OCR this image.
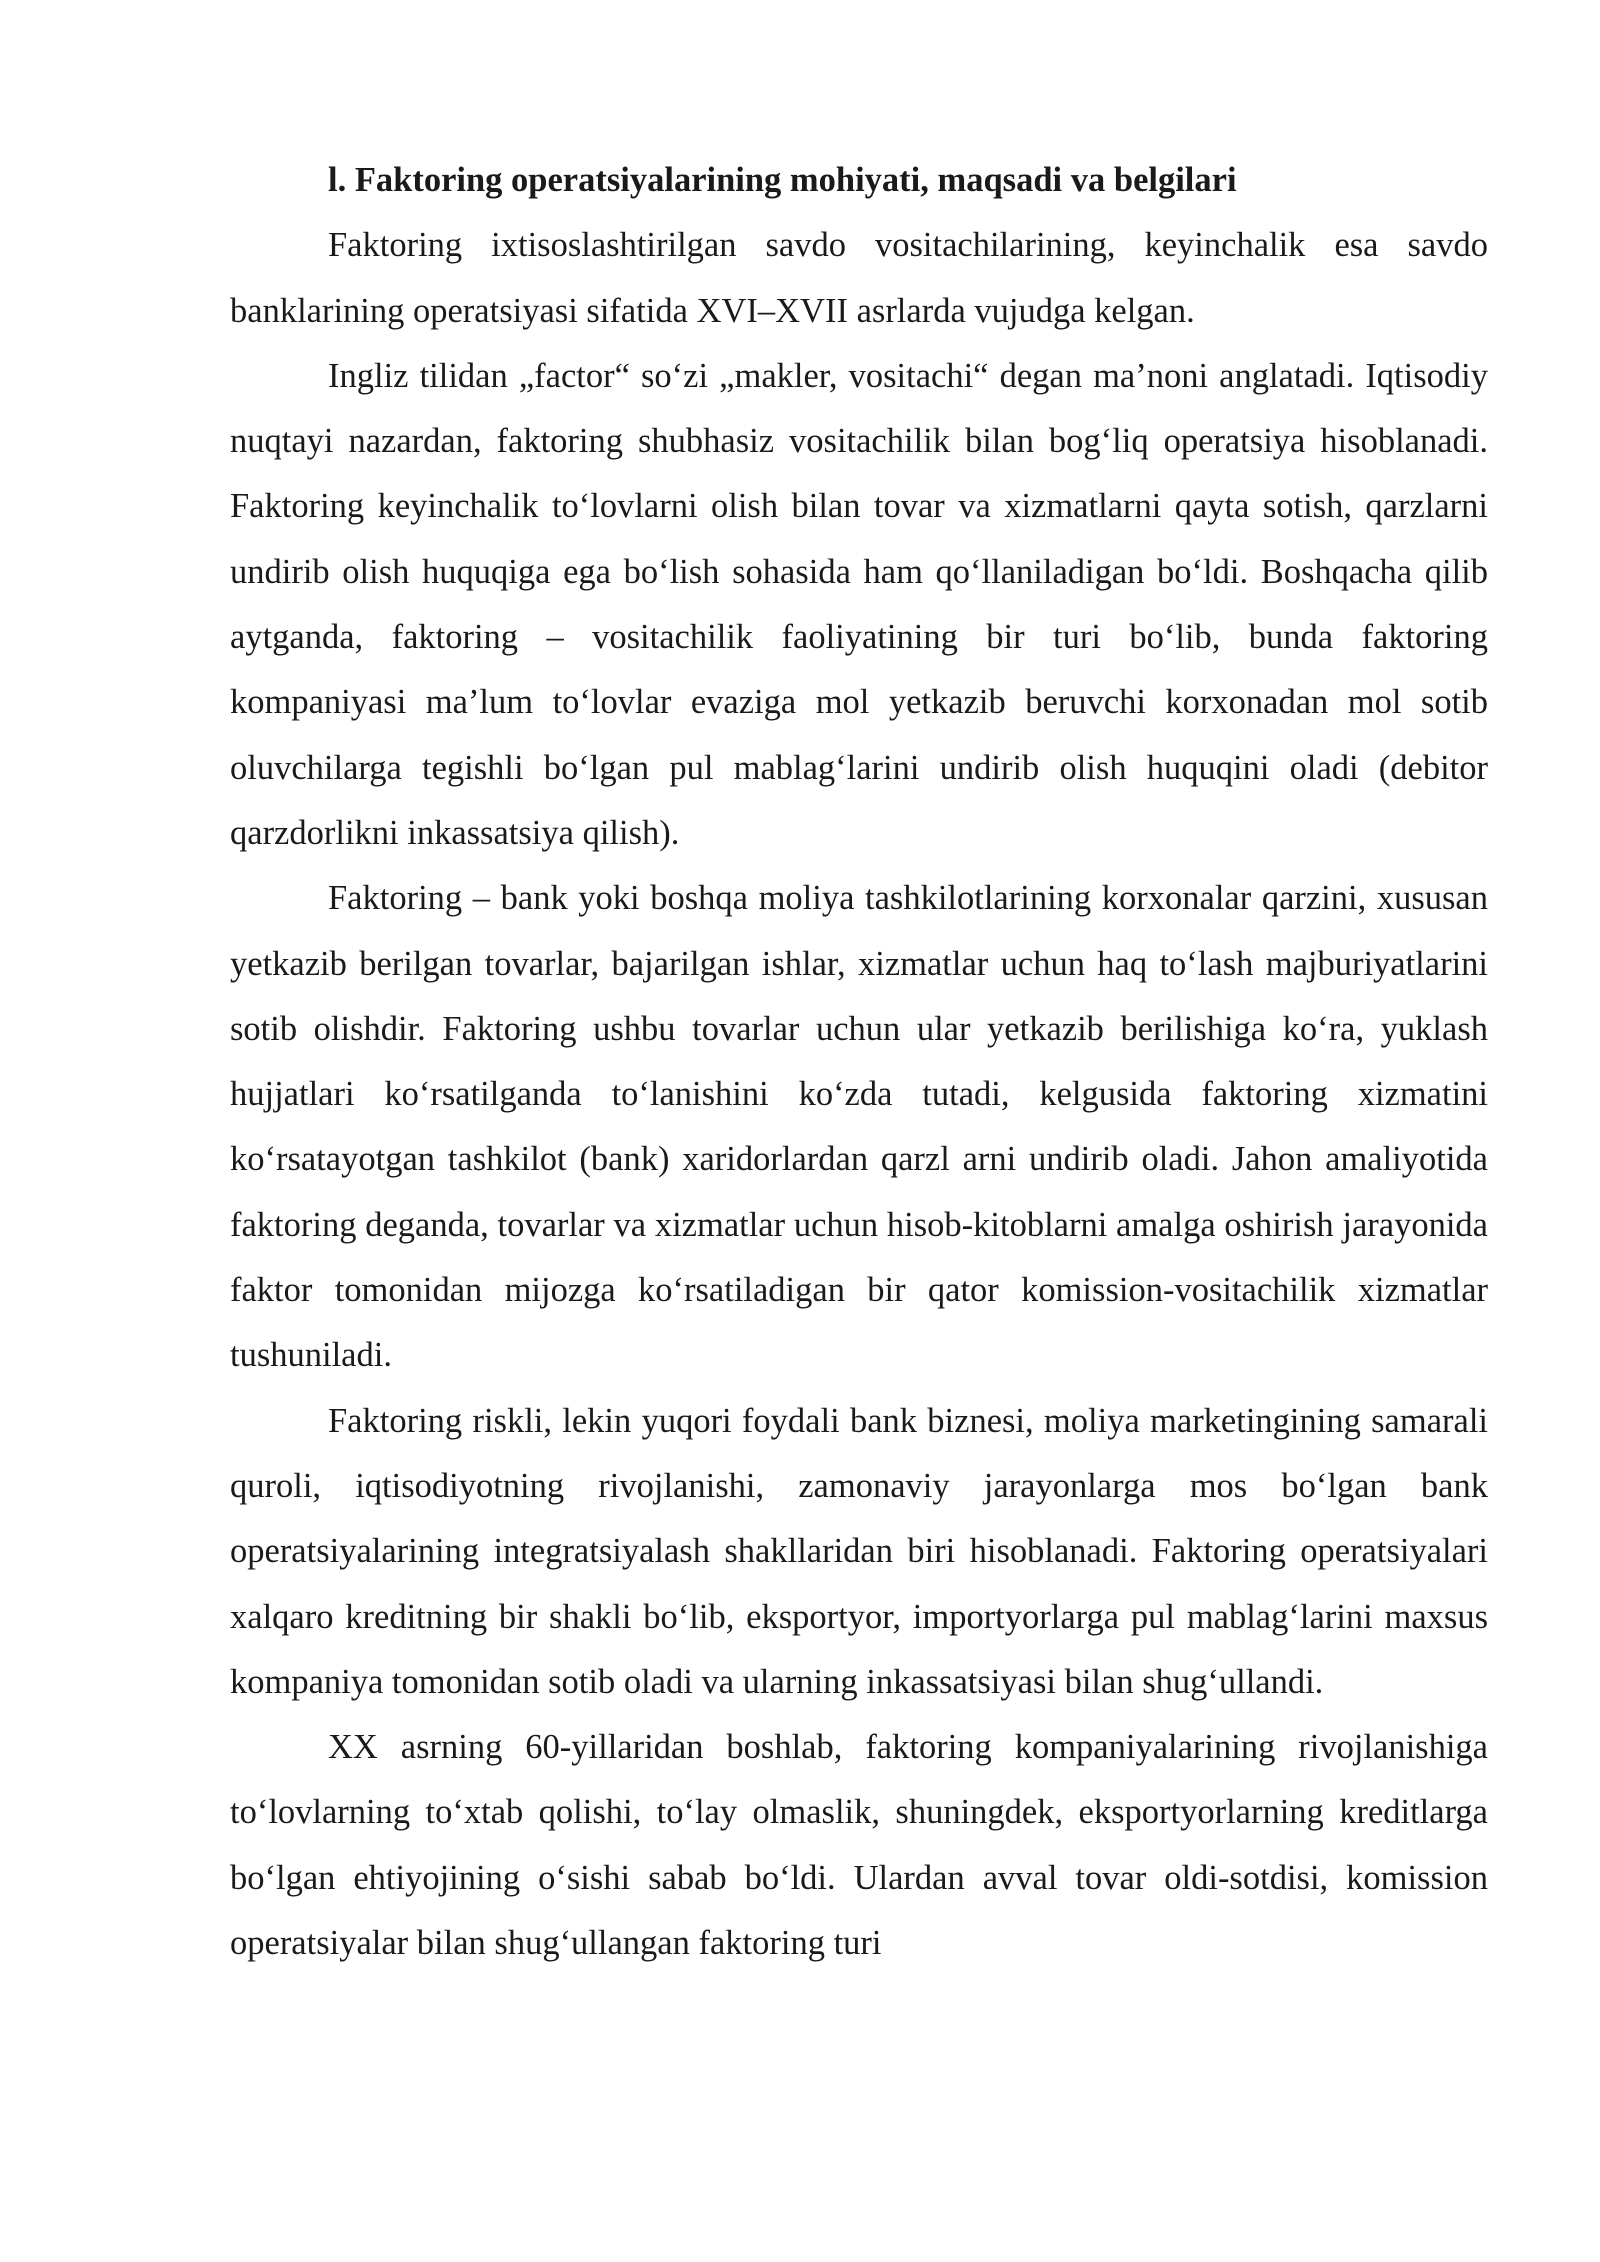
l. Faktoring operatsiyalarining mohiyati, maqsadi va belgilari

Faktoring ixtisoslashtirilgan savdo vositachilarining, keyinchalik esa savdo banklarining operatsiyasi sifatida XVI–XVII asrlarda vujudga kelgan.

Ingliz tilidan „factor“ so‘zi „makler, vositachi“ degan ma’noni anglatadi. Iqtisodiy nuqtayi nazardan, faktoring shubhasiz vositachilik bilan bog‘liq operatsiya hisoblanadi. Faktoring keyinchalik to‘lovlarni olish bilan tovar va xizmatlarni qayta sotish, qarzlarni undirib olish huquqiga ega bo‘lish sohasida ham qo‘llaniladigan bo‘ldi. Boshqacha qilib aytganda, faktoring – vositachilik faoliyatining bir turi bo‘lib, bunda faktoring kompaniyasi ma’lum to‘lovlar evaziga mol yetkazib beruvchi korxonadan mol sotib oluvchilarga tegishli bo‘lgan pul mablag‘larini undirib olish huquqini oladi (debitor qarzdorlikni inkassatsiya qilish).

Faktoring – bank yoki boshqa moliya tashkilotlarining korxonalar qarzini, xususan yetkazib berilgan tovarlar, bajarilgan ishlar, xizmatlar uchun haq to‘lash majburiyatlarini sotib olishdir. Faktoring ushbu tovarlar uchun ular yetkazib berilishiga ko‘ra, yuklash hujjatlari ko‘rsatilganda to‘lanishini ko‘zda tutadi, kelgusida faktoring xizmatini ko‘rsatayotgan tashkilot (bank) xaridorlardan qarzl arni undirib oladi. Jahon amaliyotida faktoring deganda, tovarlar va xizmatlar uchun hisob-kitoblarni amalga oshirish jarayonida faktor tomonidan mijozga ko‘rsatiladigan bir qator komission-vositachilik xizmatlar tushuniladi.

Faktoring riskli, lekin yuqori foydali bank biznesi, moliya marketingining samarali quroli, iqtisodiyotning rivojlanishi, zamonaviy jarayonlarga mos bo‘lgan bank operatsiyalarining integratsiyalash shakllaridan biri hisoblanadi. Faktoring operatsiyalari xalqaro kreditning bir shakli bo‘lib, eksportyor, importyorlarga pul mablag‘larini maxsus kompaniya tomonidan sotib oladi va ularning inkassatsiyasi bilan shug‘ullandi.

XX asrning 60-yillaridan boshlab, faktoring kompaniyalarining rivojlanishiga to‘lovlarning to‘xtab qolishi, to‘lay olmaslik, shuningdek, eksportyorlarning kreditlarga bo‘lgan ehtiyojining o‘sishi sabab bo‘ldi. Ulardan avval tovar oldi-sotdisi, komission operatsiyalar bilan shug‘ullangan faktoring turi
